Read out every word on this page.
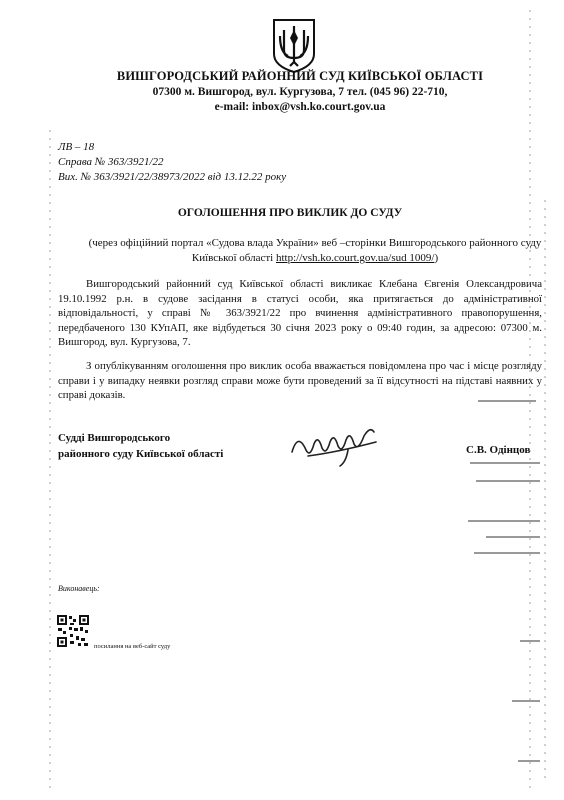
ВИШГОРОДСЬКИЙ РАЙОННИЙ СУД КИЇВСЬКОЇ ОБЛАСТІ
07300 м. Вишгород, вул. Кургузова, 7 тел. (045 96) 22-710,
e-mail: inbox@vsh.ko.court.gov.ua
ЛВ – 18
Справа № 363/3921/22
Вих. № 363/3921/22/38973/2022 від 13.12.22 року
ОГОЛОШЕННЯ ПРО ВИКЛИК ДО СУДУ
(через офіційний портал «Судова влада України» веб –сторінки Вишгородського районного суду Київської області http://vsh.ko.court.gov.ua/sud 1009/)
Вишгородський районний суд Київської області викликає Клебана Євгенія Олександровича 19.10.1992 р.н. в судове засідання в статусі особи, яка притягається до адміністративної відповідальності, у справі № 363/3921/22 про вчинення адміністративного правопорушення, передбаченого 130 КУпАП, яке відбудеться 30 січня 2023 року о 09:40 годин, за адресою: 07300 м. Вишгород, вул. Кургузова, 7.
З опублікуванням оголошення про виклик особа вважається повідомлена про час і місце розгляду справи і у випадку неявки розгляд справи може бути проведений за її відсутності на підставі наявних у справі доказів.
Судді Вишгородського
районного суду Київської області	С.В. Одінцов
Виконавець:
посилання на веб-сайт суду
